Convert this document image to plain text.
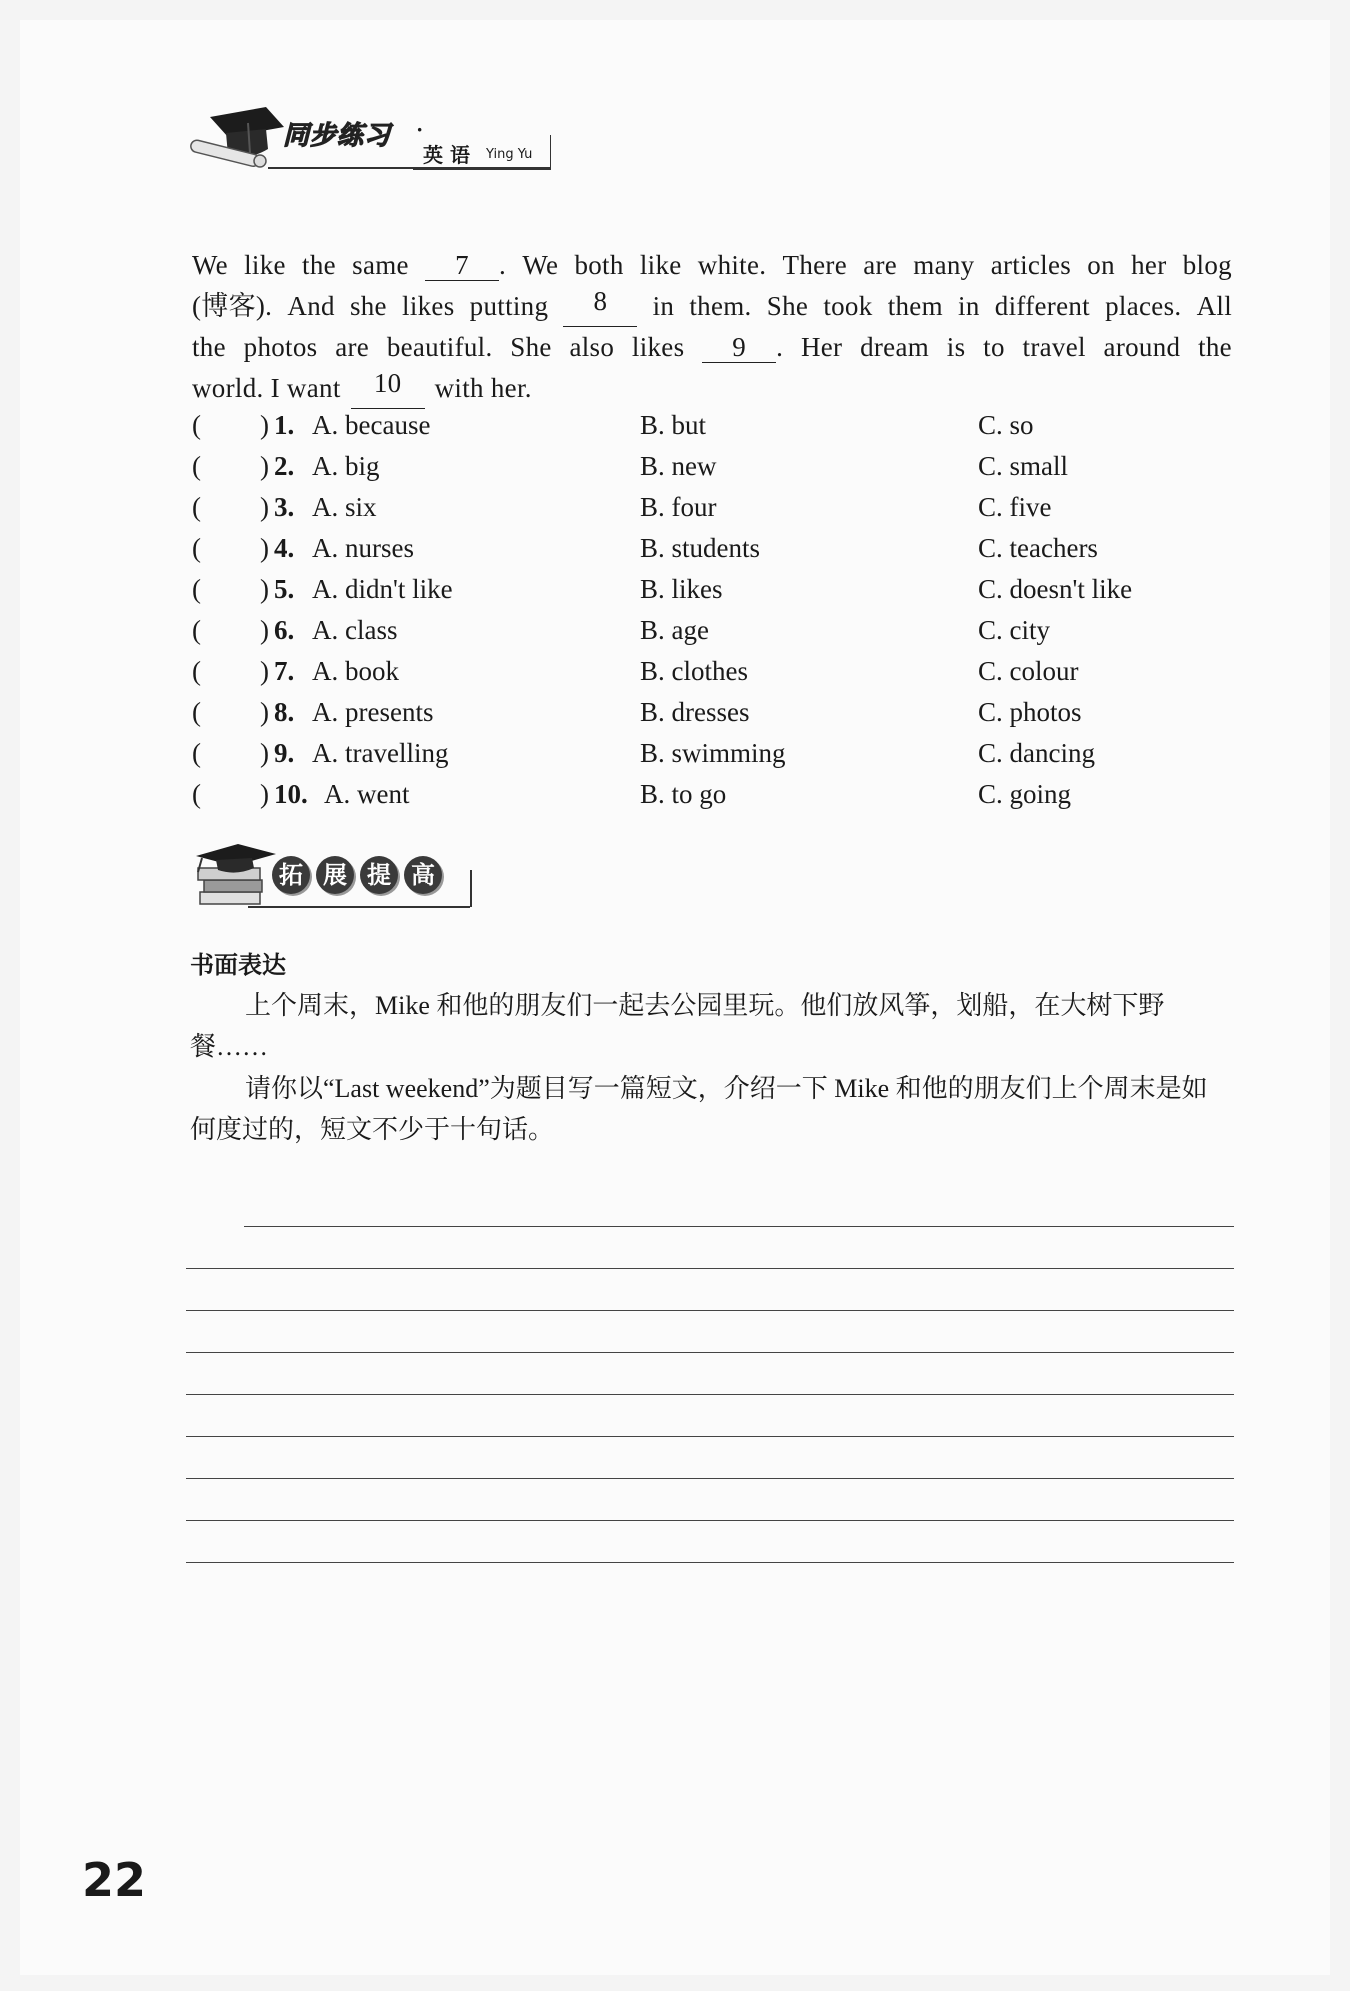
同步练习 ·
英 语 Ying Yu
We like the same	7 . We both like white. There are many articles on her blog
(博客). And she likes putting	8	in them. She took them in different places. All
the photos are beautiful. She also likes	9 . Her dream is to travel around the
world. I want	10	with her.
( ) 1. A. because	B. but	C. so
( ) 2. A. big	B. new	C. small
( ) 3. A. six	B. four	C. five
( ) 4. A. nurses	B. students	C. teachers
( ) 5. A. didn't like	B. likes	C. doesn't like
( ) 6. A. class	B. age	C. city
( ) 7. A. book	B. clothes	C. colour
( ) 8. A. presents	B. dresses	C. photos
( ) 9. A. travelling	B. swimming	C. dancing
( ) 10. A. went	B. to go	C. going
拓 展 提 高
书面表达
上个周末，Mike 和他的朋友们一起去公园里玩。他们放风筝，划船，在大树下野餐……
请你以“Last weekend”为题目写一篇短文，介绍一下 Mike 和他的朋友们上个周末是如何度过的，短文不少于十句话。
22
